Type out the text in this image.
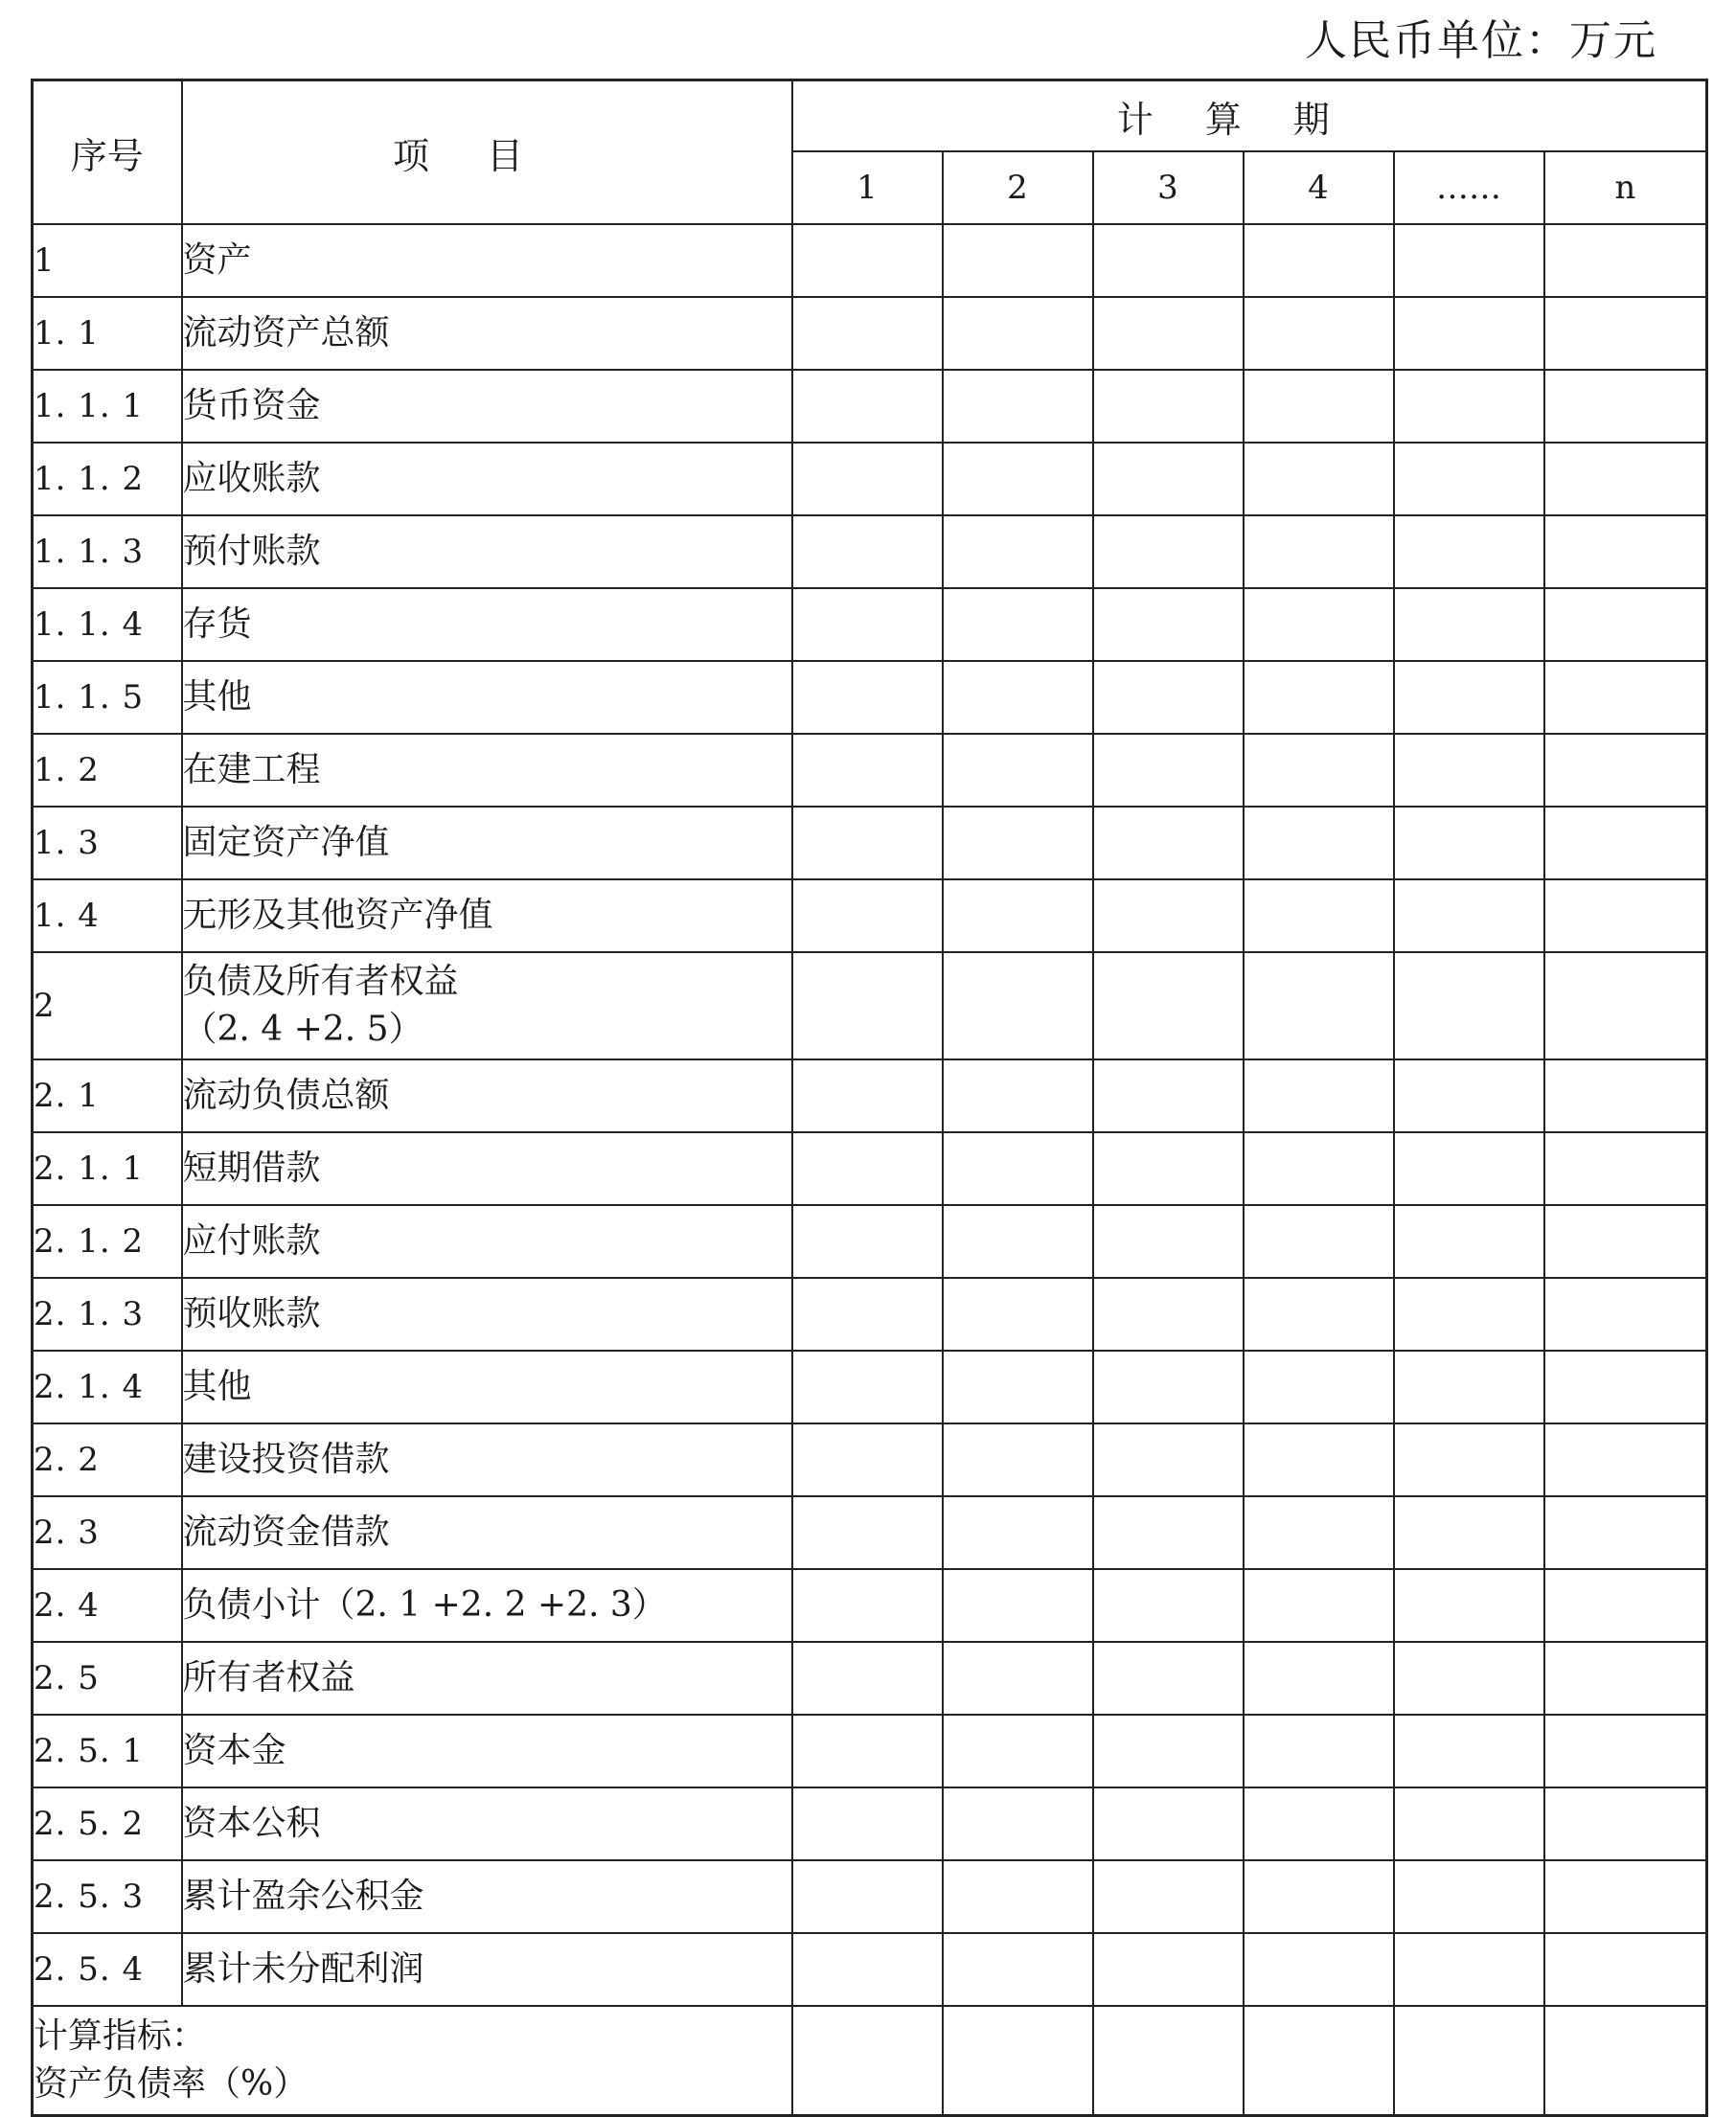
人民币单位：万元
序号	项目	计算期					
		1	2	3	4	……	n
1	资产						

1. 1	流动资产总额						

1. 1. 1	货币资金						

1. 1. 2	应收账款						

1. 1. 3	预付账款						

1. 1. 4	存货						

1. 1. 5	其他						

1. 2	在建工程						

1. 3	固定资产净值						

1. 4	无形及其他资产净值						

2	负债及所有者权益
（2. 4 +2. 5）						

2. 1	流动负债总额						

2. 1. 1	短期借款						

2. 1. 2	应付账款						

2. 1. 3	预收账款						

2. 1. 4	其他						

2. 2	建设投资借款						

2. 3	流动资金借款						

2. 4	负债小计（2. 1 +2. 2 +2. 3）						

2. 5	所有者权益						

2. 5. 1	资本金						

2. 5. 2	资本公积						

2. 5. 3	累计盈余公积金						

2. 5. 4	累计未分配利润						

计算指标：
资产负债率（%）							
